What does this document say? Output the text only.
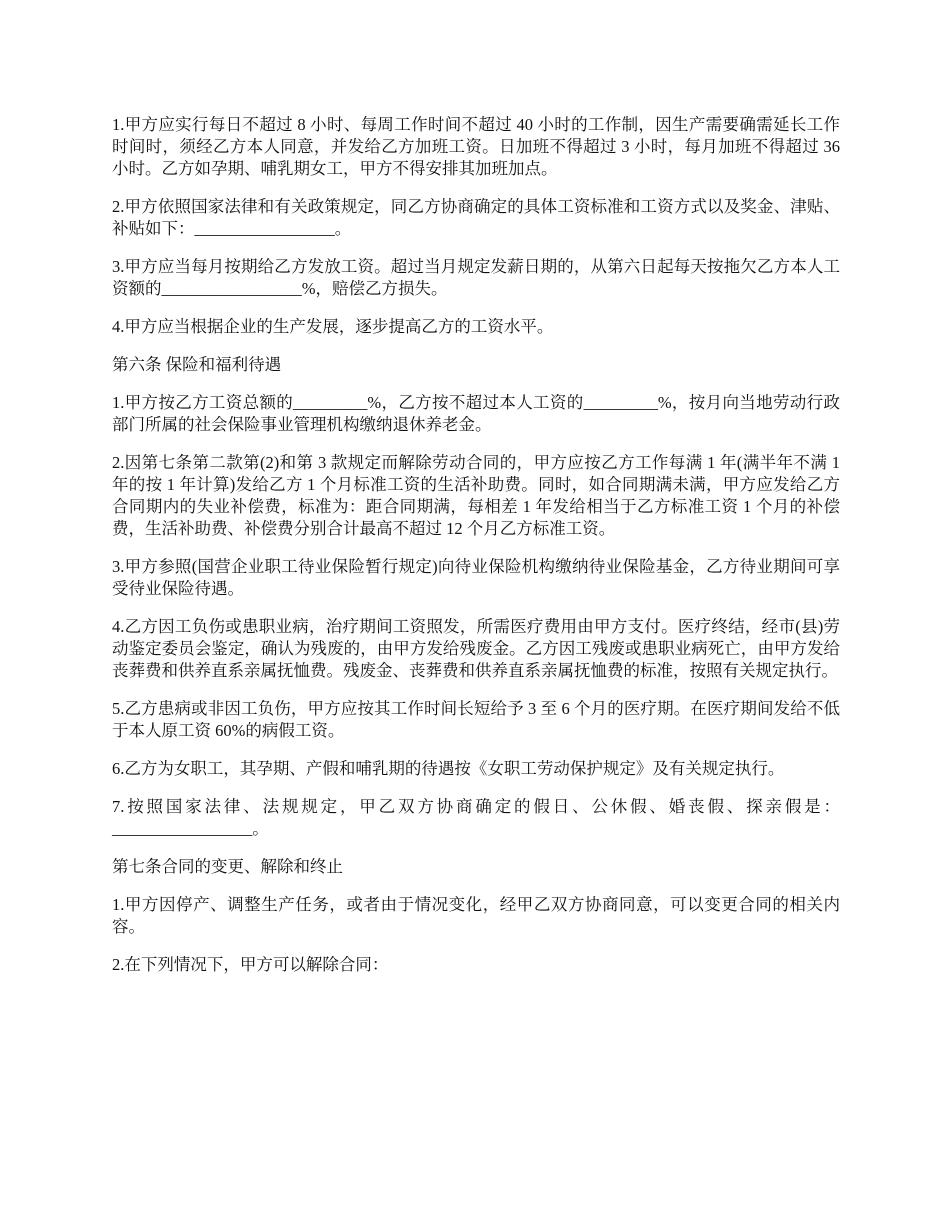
1.甲方应实行每日不超过 8 小时、每周工作时间不超过 40 小时的工作制，因生产需要确需延长工作时间时，须经乙方本人同意，并发给乙方加班工资。日加班不得超过 3 小时，每月加班不得超过 36 小时。乙方如孕期、哺乳期女工，甲方不得安排其加班加点。

2.甲方依照国家法律和有关政策规定，同乙方协商确定的具体工资标准和工资方式以及奖金、津贴、补贴如下：_________________。

3.甲方应当每月按期给乙方发放工资。超过当月规定发薪日期的，从第六日起每天按拖欠乙方本人工资额的_________________%，赔偿乙方损失。

4.甲方应当根据企业的生产发展，逐步提高乙方的工资水平。

第六条 保险和福利待遇

1.甲方按乙方工资总额的_________%，乙方按不超过本人工资的_________%，按月向当地劳动行政部门所属的社会保险事业管理机构缴纳退休养老金。

2.因第七条第二款第(2)和第 3 款规定而解除劳动合同的，甲方应按乙方工作每满 1 年(满半年不满 1 年的按 1 年计算)发给乙方 1 个月标准工资的生活补助费。同时，如合同期满未满，甲方应发给乙方合同期内的失业补偿费，标准为：距合同期满，每相差 1 年发给相当于乙方标准工资 1 个月的补偿费，生活补助费、补偿费分别合计最高不超过 12 个月乙方标准工资。

3.甲方参照(国营企业职工待业保险暂行规定)向待业保险机构缴纳待业保险基金，乙方待业期间可享受待业保险待遇。

4.乙方因工负伤或患职业病，治疗期间工资照发，所需医疗费用由甲方支付。医疗终结，经市(县)劳动鉴定委员会鉴定，确认为残废的，由甲方发给残废金。乙方因工残废或患职业病死亡，由甲方发给丧葬费和供养直系亲属抚恤费。残废金、丧葬费和供养直系亲属抚恤费的标准，按照有关规定执行。

5.乙方患病或非因工负伤，甲方应按其工作时间长短给予 3 至 6 个月的医疗期。在医疗期间发给不低于本人原工资 60%的病假工资。

6.乙方为女职工，其孕期、产假和哺乳期的待遇按《女职工劳动保护规定》及有关规定执行。

7.按照国家法律、法规规定，甲乙双方协商确定的假日、公休假、婚丧假、探亲假是：_________________。

第七条合同的变更、解除和终止

1.甲方因停产、调整生产任务，或者由于情况变化，经甲乙双方协商同意，可以变更合同的相关内容。

2.在下列情况下，甲方可以解除合同：
